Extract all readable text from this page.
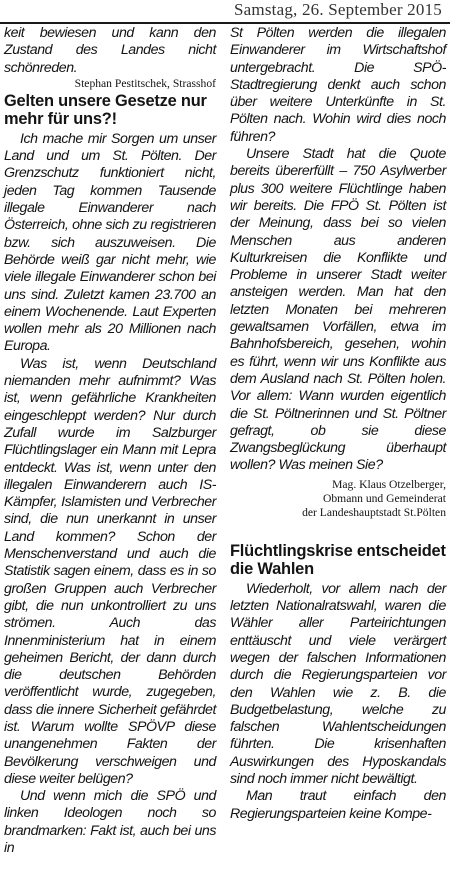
Samstag, 26. September 2015

keit bewiesen und kann den Zustand des Landes nicht schönreden.

Stephan Pestitschek, Strasshof

Gelten unsere Gesetze nur mehr für uns?!

Ich mache mir Sorgen um unser Land und um St. Pölten. Der Grenzschutz funktioniert nicht, jeden Tag kommen Tausende illegale Einwanderer nach Österreich, ohne sich zu registrieren bzw. sich auszuweisen. Die Behörde weiß gar nicht mehr, wie viele illegale Einwanderer schon bei uns sind. Zuletzt kamen 23.700 an einem Wochenende. Laut Experten wollen mehr als 20 Millionen nach Europa.

Was ist, wenn Deutschland niemanden mehr aufnimmt? Was ist, wenn gefährliche Krankheiten eingeschleppt werden? Nur durch Zufall wurde im Salzburger Flüchtlingslager ein Mann mit Lepra entdeckt. Was ist, wenn unter den illegalen Einwanderern auch IS-Kämpfer, Islamisten und Verbrecher sind, die nun unerkannt in unser Land kommen? Schon der Menschenverstand und auch die Statistik sagen einem, dass es in so großen Gruppen auch Verbrecher gibt, die nun unkontrolliert zu uns strömen. Auch das Innenministerium hat in einem geheimen Bericht, der dann durch die deutschen Behörden veröffentlicht wurde, zugegeben, dass die innere Sicherheit gefährdet ist. Warum wollte SPÖVP diese unangenehmen Fakten der Bevölkerung verschweigen und diese weiter belügen?

Und wenn mich die SPÖ und linken Ideologen noch so brandmarken: Fakt ist, auch bei uns in

St Pölten werden die illegalen Einwanderer im Wirtschaftshof untergebracht. Die SPÖ-Stadtregierung denkt auch schon über weitere Unterkünfte in St. Pölten nach. Wohin wird dies noch führen?

Unsere Stadt hat die Quote bereits übererfüllt – 750 Asylwerber plus 300 weitere Flüchtlinge haben wir bereits. Die FPÖ St. Pölten ist der Meinung, dass bei so vielen Menschen aus anderen Kulturkreisen die Konflikte und Probleme in unserer Stadt weiter ansteigen werden. Man hat den letzten Monaten bei mehreren gewaltsamen Vorfällen, etwa im Bahnhofsbereich, gesehen, wohin es führt, wenn wir uns Konflikte aus dem Ausland nach St. Pölten holen. Vor allem: Wann wurden eigentlich die St. Pöltnerinnen und St. Pöltner gefragt, ob sie diese Zwangsbeglückung überhaupt wollen? Was meinen Sie?

Mag. Klaus Otzelberger,

Obmann und Gemeinderat

der Landeshauptstadt St.Pölten

Flüchtlingskrise entscheidet die Wahlen

Wiederholt, vor allem nach der letzten Nationalratswahl, waren die Wähler aller Parteirichtungen enttäuscht und viele verärgert wegen der falschen Informationen durch die Regierungsparteien vor den Wahlen wie z. B. die Budgetbelastung, welche zu falschen Wahlentscheidungen führten. Die krisenhaften Auswirkungen des Hyposkandals sind noch immer nicht bewältigt.

Man traut einfach den Regierungsparteien keine Kompe-
